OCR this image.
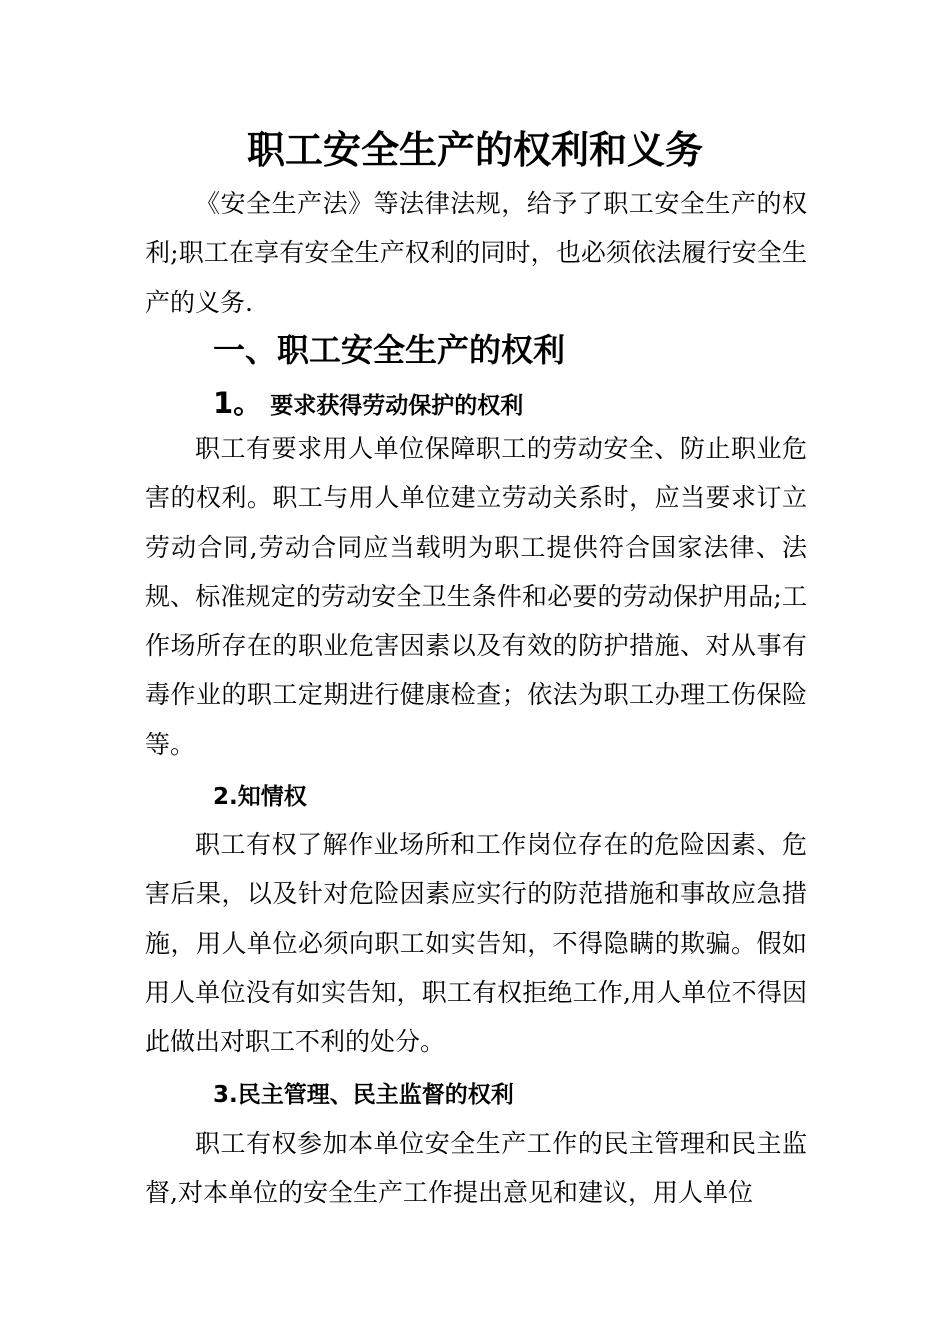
职工安全生产的权利和义务

《安全生产法》等法律法规，给予了职工安全生产的权利;职工在享有安全生产权利的同时，也必须依法履行安全生产的义务.

一、职工安全生产的权利
1。 要求获得劳动保护的权利

职工有要求用人单位保障职工的劳动安全、防止职业危害的权利。职工与用人单位建立劳动关系时，应当要求订立劳动合同,劳动合同应当载明为职工提供符合国家法律、法规、标准规定的劳动安全卫生条件和必要的劳动保护用品;工作场所存在的职业危害因素以及有效的防护措施、对从事有毒作业的职工定期进行健康检查；依法为职工办理工伤保险等。

2.知情权

职工有权了解作业场所和工作岗位存在的危险因素、危害后果，以及针对危险因素应实行的防范措施和事故应急措施，用人单位必须向职工如实告知，不得隐瞒的欺骗。假如用人单位没有如实告知，职工有权拒绝工作,用人单位不得因此做出对职工不利的处分。

3.民主管理、民主监督的权利

职工有权参加本单位安全生产工作的民主管理和民主监督,对本单位的安全生产工作提出意见和建议，用人单位
